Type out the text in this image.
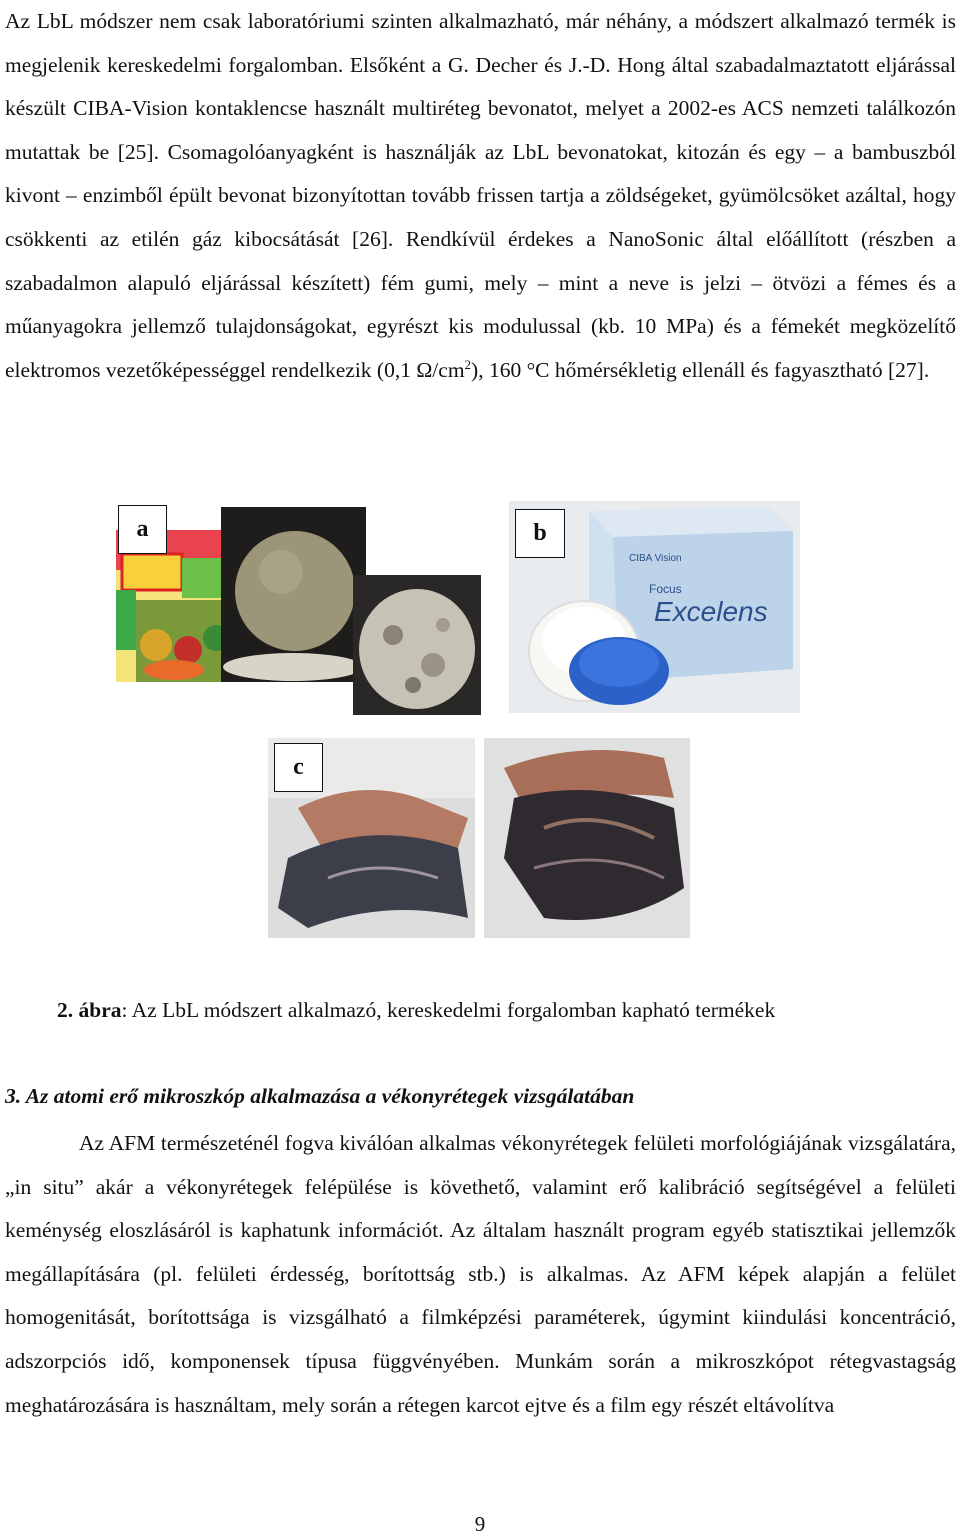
Az LbL módszer nem csak laboratóriumi szinten alkalmazható, már néhány, a módszert alkalmazó termék is megjelenik kereskedelmi forgalomban. Elsőként a G. Decher és J.-D. Hong által szabadalmaztatott eljárással készült CIBA-Vision kontaklencse használt multiréteg bevonatot, melyet a 2002-es ACS nemzeti találkozón mutattak be [25]. Csomagolóanyagként is használják az LbL bevonatokat, kitozán és egy – a bambuszból kivont – enzimből épült bevonat bizonyítottan tovább frissen tartja a zöldségeket, gyümölcsöket azáltal, hogy csökkenti az etilén gáz kibocsátását [26]. Rendkívül érdekes a NanoSonic által előállított (részben a szabadalmon alapuló eljárással készített) fém gumi, mely – mint a neve is jelzi – ötvözi a fémes és a műanyagokra jellemző tulajdonságokat, egyrészt kis modulussal (kb. 10 MPa) és a fémekét megközelítő elektromos vezetőképességgel rendelkezik (0,1 $\Omega/cm^2$), 160 °C hőmérsékletig ellenáll és fagyasztható [27].

a
Excelens
Focus
CIBA Vision
b
c
2. ábra: Az LbL módszert alkalmazó, kereskedelmi forgalomban kapható termékek
3. Az atomi erő mikroszkóp alkalmazása a vékonyrétegek vizsgálatában

Az AFM természeténél fogva kiválóan alkalmas vékonyrétegek felületi morfológiájának vizsgálatára, „in situ” akár a vékonyrétegek felépülése is követhető, valamint erő kalibráció segítségével a felületi keménység eloszlásáról is kaphatunk információt. Az általam használt program egyéb statisztikai jellemzők megállapítására (pl. felületi érdesség, borítottság stb.) is alkalmas. Az AFM képek alapján a felület homogenitását, borítottsága is vizsgálható a filmképzési paraméterek, úgymint kiindulási koncentráció, adszorpciós idő, komponensek típusa függvényében. Munkám során a mikroszkópot rétegvastagság meghatározására is használtam, mely során a rétegen karcot ejtve és a film egy részét eltávolítva

9
